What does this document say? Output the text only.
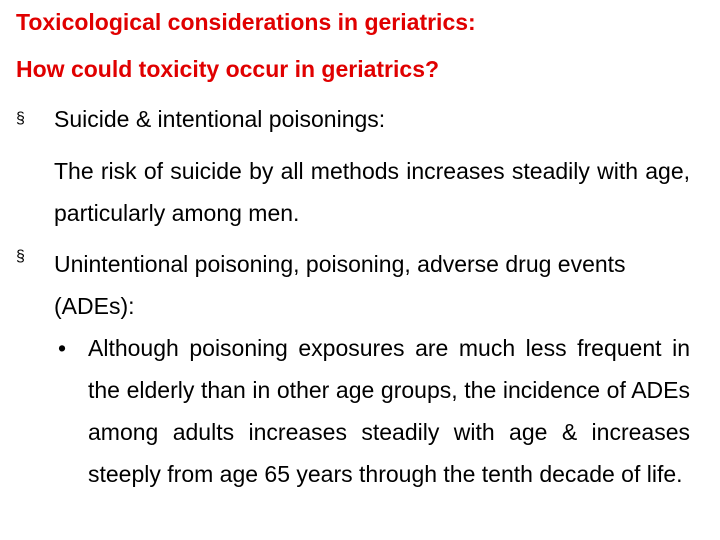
Toxicological considerations in geriatrics:
How could toxicity occur in geriatrics?
§ Suicide & intentional poisonings:
The risk of suicide by all methods increases steadily with age, particularly among men.
§ Unintentional poisoning, poisoning, adverse drug events (ADEs):
• Although poisoning exposures are much less frequent in the elderly than in other age groups, the incidence of ADEs among adults increases steadily with age & increases steeply from age 65 years through the tenth decade of life.
